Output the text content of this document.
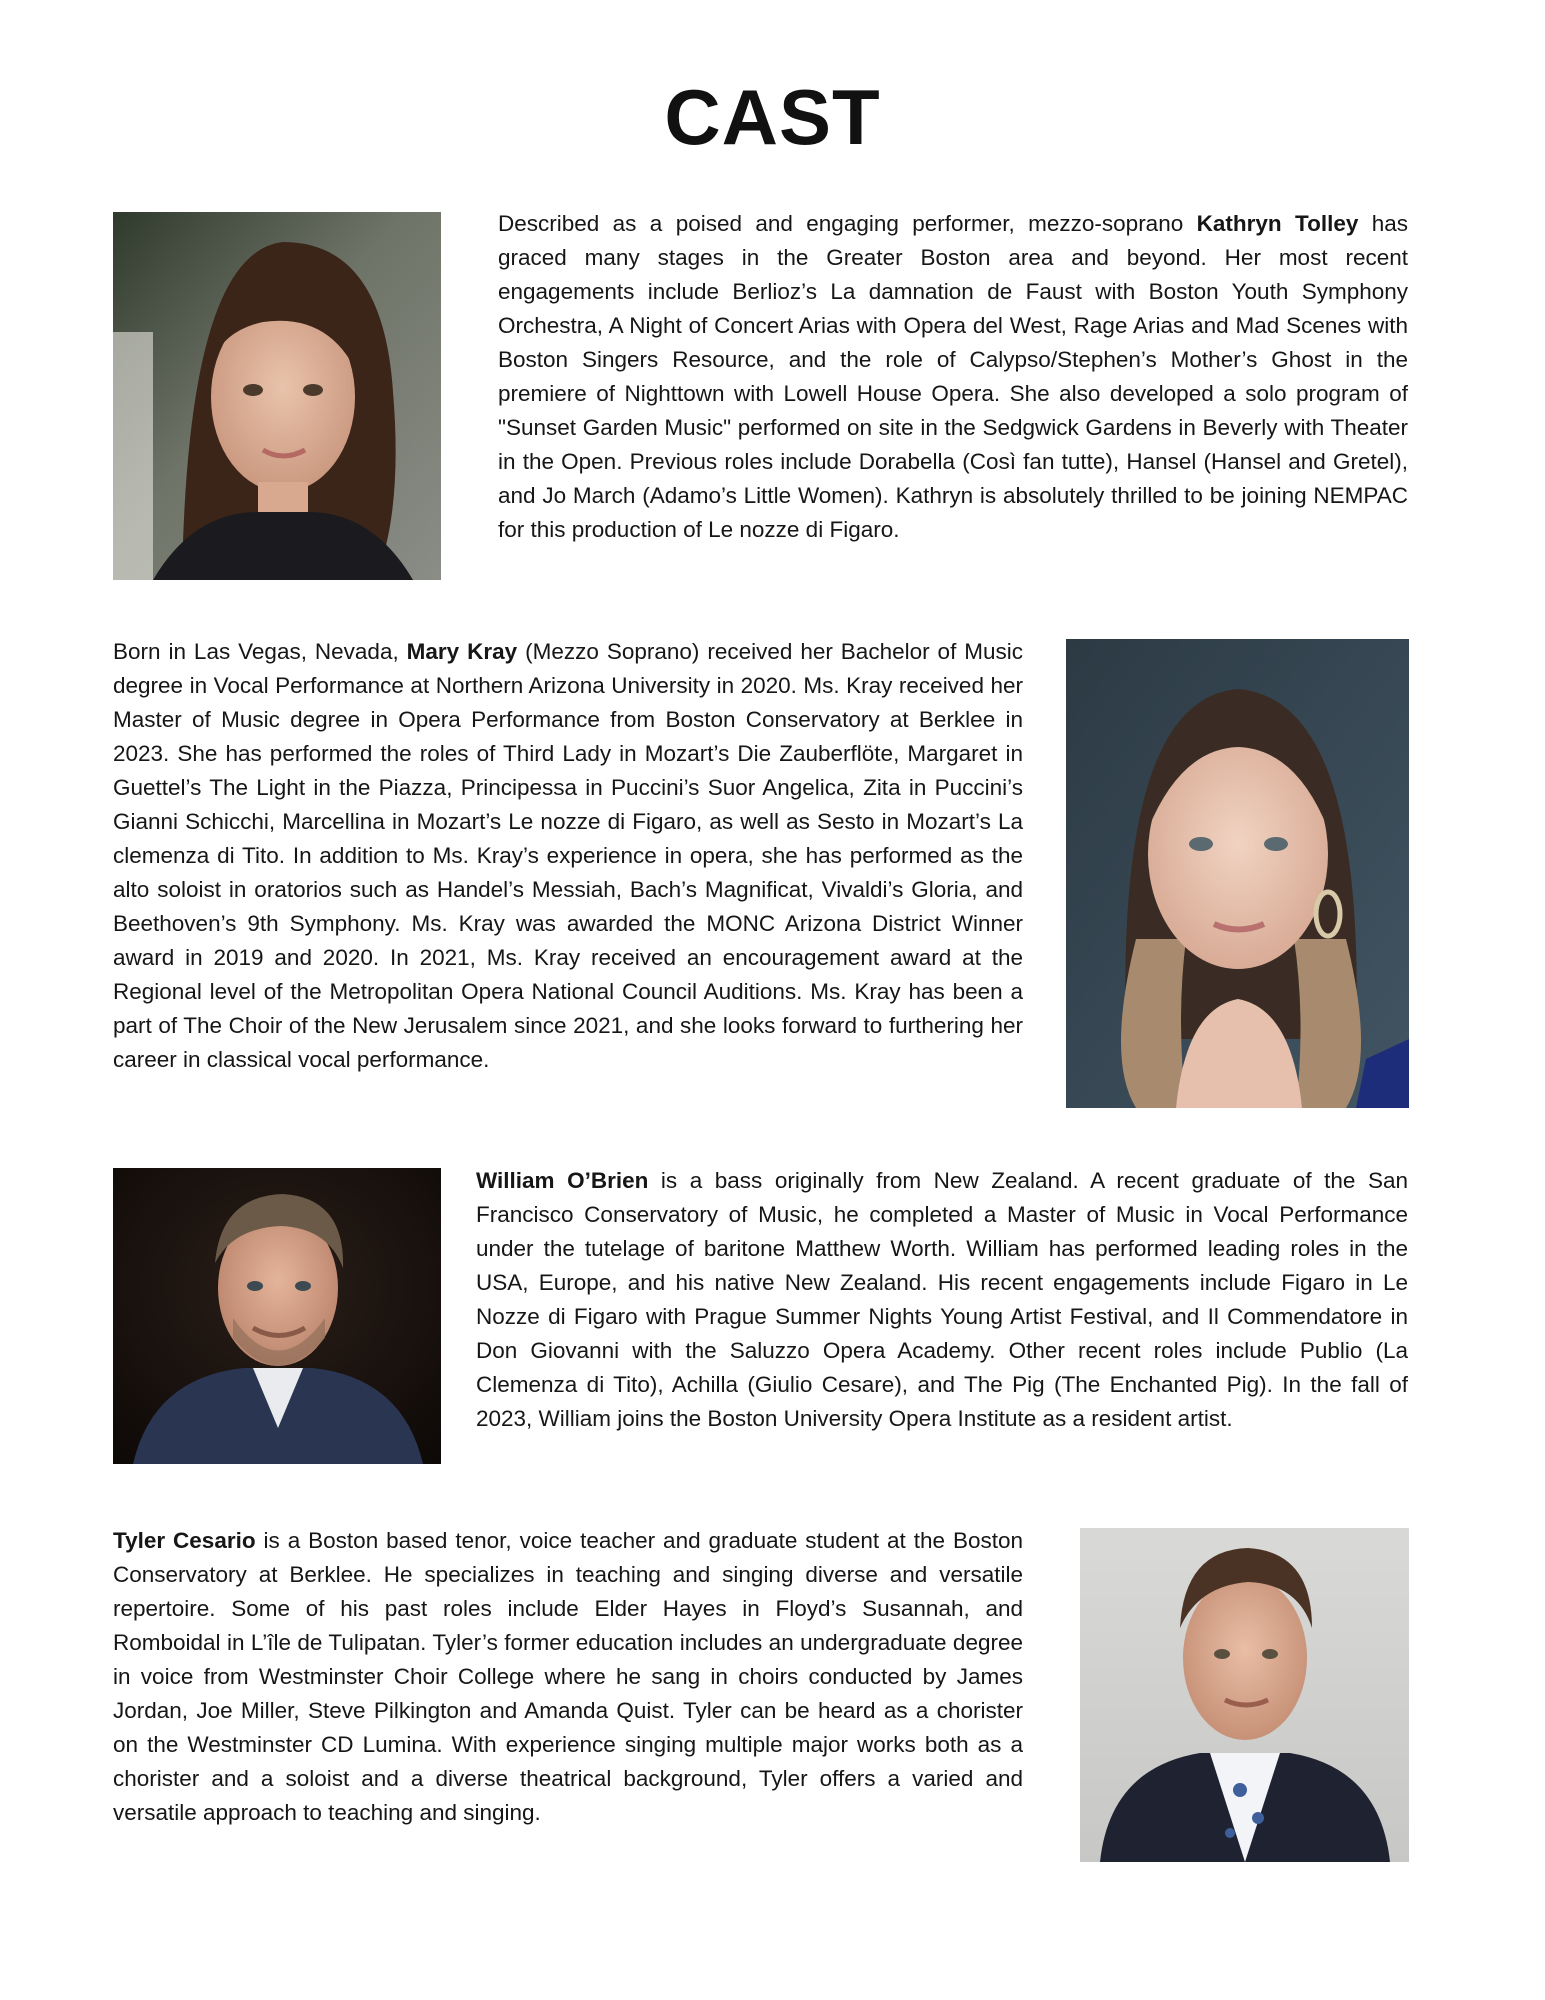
CAST

Described as a poised and engaging performer, mezzo-soprano Kathryn Tolley has graced many stages in the Greater Boston area and beyond. Her most recent engagements include Berlioz’s La damnation de Faust with Boston Youth Symphony Orchestra, A Night of Concert Arias with Opera del West, Rage Arias and Mad Scenes with Boston Singers Resource, and the role of Calypso/Stephen’s Mother’s Ghost in the premiere of Nighttown with Lowell House Opera. She also developed a solo program of "Sunset Garden Music" performed on site in the Sedgwick Gardens in Beverly with Theater in the Open. Previous roles include Dorabella (Così fan tutte), Hansel (Hansel and Gretel), and Jo March (Adamo’s Little Women). Kathryn is absolutely thrilled to be joining NEMPAC for this production of Le nozze di Figaro.

Born in Las Vegas, Nevada, Mary Kray (Mezzo Soprano) received her Bachelor of Music degree in Vocal Performance at Northern Arizona University in 2020. Ms. Kray received her Master of Music degree in Opera Performance from Boston Conservatory at Berklee in 2023. She has performed the roles of Third Lady in Mozart’s Die Zauberflöte, Margaret in Guettel’s The Light in the Piazza, Principessa in Puccini’s Suor Angelica, Zita in Puccini’s Gianni Schicchi, Marcellina in Mozart’s Le nozze di Figaro, as well as Sesto in Mozart’s La clemenza di Tito. In addition to Ms. Kray’s experience in opera, she has performed as the alto soloist in oratorios such as Handel’s Messiah, Bach’s Magnificat, Vivaldi’s Gloria, and Beethoven’s 9th Symphony. Ms. Kray was awarded the MONC Arizona District Winner award in 2019 and 2020. In 2021, Ms. Kray received an encouragement award at the Regional level of the Metropolitan Opera National Council Auditions. Ms. Kray has been a part of The Choir of the New Jerusalem since 2021, and she looks forward to furthering her career in classical vocal performance.

William O’Brien is a bass originally from New Zealand. A recent graduate of the San Francisco Conservatory of Music, he completed a Master of Music in Vocal Performance under the tutelage of baritone Matthew Worth. William has performed leading roles in the USA, Europe, and his native New Zealand. His recent engagements include Figaro in Le Nozze di Figaro with Prague Summer Nights Young Artist Festival, and Il Commendatore in Don Giovanni with the Saluzzo Opera Academy. Other recent roles include Publio (La Clemenza di Tito), Achilla (Giulio Cesare), and The Pig (The Enchanted Pig). In the fall of 2023, William joins the Boston University Opera Institute as a resident artist.

Tyler Cesario is a Boston based tenor, voice teacher and graduate student at the Boston Conservatory at Berklee. He specializes in teaching and singing diverse and versatile repertoire. Some of his past roles include Elder Hayes in Floyd’s Susannah, and Romboidal in L’île de Tulipatan. Tyler’s former education includes an undergraduate degree in voice from Westminster Choir College where he sang in choirs conducted by James Jordan, Joe Miller, Steve Pilkington and Amanda Quist. Tyler can be heard as a chorister on the Westminster CD Lumina. With experience singing multiple major works both as a chorister and a soloist and a diverse theatrical background, Tyler offers a varied and versatile approach to teaching and singing.
